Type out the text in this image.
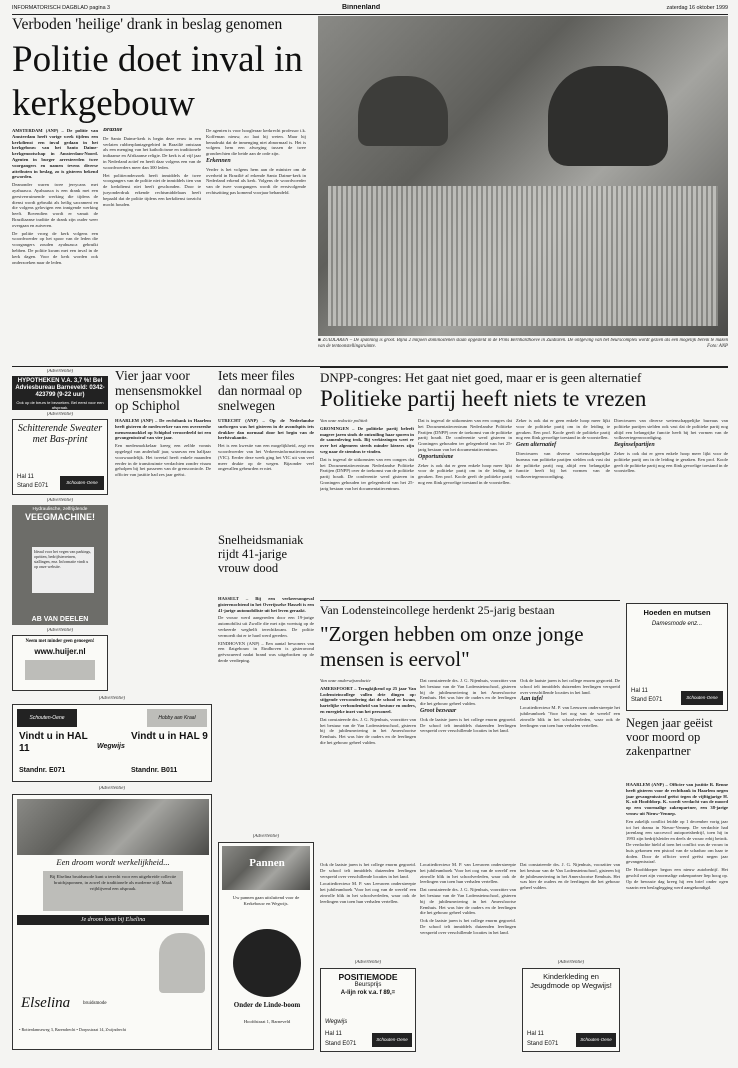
INFORMATORISCH DAGBLAD pagina 3	Binnenland	zaterdag 16 oktober 1999
Verboden 'heilige' drank in beslag genomen
Politie doet inval in kerkgebouw

AMSTERDAM (ANP) – De politie van Amsterdam heeft vorige week tijdens een kerkdienst een inval gedaan in het kerkgebouw van het Santo Daime-kerkgenootschap in Amsterdam-Noord. Agenten in burger arresteerden twee voorgangers en namen tevens diverse attributen in beslag, zo is gisteren bekend geworden.

Deanonder waren twee jerrycans met ayahuasca. Ayahuasca is een drank met een geestverruimende werking die tijdens de dienst wordt gebruikt als heilig sacrament en die volgens gelovigen een innigende werking heeft. Bovendien wordt er vanuit de Braziliaanse traditie de drank zijn ouder weer overgaan en zuiveren.

De politie vroeg de kerk volgens een woordvoerder op het spoor van de leden die voorgangers zouden ayahuasca gebruikt hebben. De politie kwam met een inval in de kerk dagen. Voor de kerk worden ook onderzoeken naar de leden.

Brazilië

De Santo Daime-kerk is begin deze eeuw in een verlaten rubberplantagegebied in Brazilië ontstaan als een menging van het katholicisme en traditionele indiaanse en Afrikaanse religie. De kerk is al vijf jaar in Nederland actief en heeft daar volgens een van de woordvoerders meer dan 300 leden.

Het politieonderzoek heeft inmiddels de twee voorgangers van de politie niet de inmiddels tien van de kerkdienst niet heeft geschonden. Door te juryonderdruk erkende rechtsmiddelaars heeft bepaald dat de politie tijdens een kerkdienst toezicht mocht houden.

De agenten is voor hoogleraar kerkrecht professor i.k. Koffeman nieuw, zo laat hij weten. Maar hij benadrukt dat de inmenging niet abnormaal is. Het is volgens hem een afweging tussen de twee grondrechten die beide aan de orde zijn.

Erkennen

Verder is het volgens hem aan de minister om de overheid in Brazilië af erkende Santo Daime-kerk in Nederland erkend als kerk. Volgens de woordvoerder van de twee voorgangers wordt de eerstvolgende rechtszitting pas komend voorjaar behandeld.

■ ZUIDLAREN – De spanning is groot. Bijna 2 miljoen dominostenen staan opgesteld in de Prins Bernhardhoeve in Zuidlaren. De ontgeving van het beurscomplex wordt gezien als een mogelijk bereik te maken van de tentoonstellingsruimte.	Foto: ANP
(Advertentie)
HYPOTHEKEN V.A. 3,7 %! Bel Adviesbureau Barneveld: 0342-423799 (9-22 uur)
Ook op de beurs te bezoeken. Bel eerst voor een afspraak.
(Advertentie)
Schitterende Sweater met Bas-print
Hal 11
Stand E071
Schouten-Oene
(Advertentie)
Hydraulische, zelfrijdende
VEEGMACHINE!
Ideaal voor het vegen van parkings, opritten, bedrijfsterreinen, stallingen, enz. Informatie vindt u op onze website.
AB VAN DEELEN
(Advertentie)
Neem met minder geen genoegen!
www.huijer.nl
Vier jaar voor mensensmokkel op Schiphol

HAARLEM (ANP) – De rechtbank in Haarlem heeft gisteren de medewerker van een overzeeshe mensensmokkel op Schiphol veroordeeld tot een gevangenisstraf van vier jaar.

Een medesmokkelaar kreeg een zelfde vonnis opgelegd van anderhalf jaar, waarvan een halfjaar voorwaardelijk. Het tweetal heeft enkele maanden eerder in de transitruimte verdachten zonder visum geholpen bij het passeren van de grenscontrole. De officier van justitie had zes jaar geëist.

Iets meer files dan normaal op snelwegen

UTRECHT (ANP) – Op de Nederlandse snelwegen was het gisteren in de avondspits iets drukker dan normaal door het begin van de herfstvakantie.

Het is een kwestie van een mogelijkheid, zegt een woordvoerder van het Verkeersinformatiecentrum (VIC). Eerder deze week ging het VIC uit van veel meer drukte op de wegen. Bijzonder veel ongevallen gebeurden er niet.

Snelheidsmaniak rijdt 41-jarige vrouw dood

HASSELT – Bij een verkeersongeval gisterenochtend in het Overijsselse Hasselt is een 41-jarige automobiliste uit het leven geraakt.

De vrouw werd aangereden door een 19-jarige automobilist uit Zwolle die met zijn voertuig op de verkeerde weghelft terechtkwam. De politie vermoedt dat er te hard werd gereden.

EINDHOVEN (ANP) – Een aantal bewoners van een flatgebouw in Eindhoven is gisteravond geëvacueerd nadat brand was uitgebroken op de derde verdieping.

DNPP-congres: Het gaat niet goed, maar er is geen alternatief
Politieke partij heeft niets te vrezen

Van onze redactie politiek

GRONINGEN – De politieke partij beleeft magere jaren sinds de ontzuiling haar sporen in de samenleving trok. Bij verkiezingen weet er over het algemeen steeds minder kiezers zijn weg naar de stembus te vinden.

Dat is ingeval de uitkomsten van een congres dat het Documentatiecentrum Nederlandse Politieke Partijen (DNPP) over de toekomst van de politieke partij houdt. De conferentie werd gisteren in Groningen gehouden ter gelegenheid van het 25-jarig bestaan van het documentatiecentrum.

Dat is ingeval de uitkomsten van een congres dat het Documentatiecentrum Nederlandse Politieke Partijen (DNPP) over de toekomst van de politieke partij houdt. De conferentie werd gisteren in Groningen gehouden ter gelegenheid van het 25-jarig bestaan van het documentatiecentrum.

Opportunisme

Zeker is ook dat er geen enkele hoop meer lijkt voor de politieke partij om in de leiding te geraken. Een prof. Koole geeft de politieke partij nog een flink gevoelige toestand in de voorstellen.

Zeker is ook dat er geen enkele hoop meer lijkt voor de politieke partij om in de leiding te geraken. Een prof. Koole geeft de politieke partij nog een flink gevoelige toestand in de voorstellen.

Geen alternatief

Directeuren van diverse wetenschappelijke bureaus van politieke partijen stelden ook vast dat de politieke partij nog altijd een belangrijke functie heeft bij het vormen van de volksvertegenwoordiging.

Directeuren van diverse wetenschappelijke bureaus van politieke partijen stelden ook vast dat de politieke partij nog altijd een belangrijke functie heeft bij het vormen van de volksvertegenwoordiging.

Beginselpartijen

Zeker is ook dat er geen enkele hoop meer lijkt voor de politieke partij om in de leiding te geraken. Een prof. Koole geeft de politieke partij nog een flink gevoelige toestand in de voorstellen.

Van Lodensteincollege herdenkt 25-jarig bestaan
"Zorgen hebben om onze jonge mensen is eervol"

Van onze onderwijsredactie

AMERSFOORT – Terugkijkend op 25 jaar Van Lodensteincollege vallen drie dingen op: stijgende verwondering dat de school er kwam, hartelijke verbondenheid van bestuur en ouders, en energieke inzet van het personeel.

Dat constateerde drs. J. G. Nijenhuis, voorzitter van het bestuur van de Van Lodensteinschool, gisteren bij de jubileumviering in het Amersfoortse Eemhuis. Het was hier de ouders en de leerlingen die het gebouw geheel vulden.

Dat constateerde drs. J. G. Nijenhuis, voorzitter van het bestuur van de Van Lodensteinschool, gisteren bij de jubileumviering in het Amersfoortse Eemhuis. Het was hier de ouders en de leerlingen die het gebouw geheel vulden.

Groot bezwaar

Ook de laatste jaren is het college enorm gegroeid. De school telt inmiddels duizenden leerlingen verspreid over verschillende locaties in het land.

Ook de laatste jaren is het college enorm gegroeid. De school telt inmiddels duizenden leerlingen verspreid over verschillende locaties in het land.

Aan tafel

Locatiedirecteur M. P. van Leeuwen onderstreepte het jubileumboek 'Voor het oog van de wereld' een zinvolle blik in het schoolverleden, waar ook de leerlingen van toen hun verhalen vertellen.

Hoeden en mutsen
Damesmode enz...
Hal 11
Stand E071	Schouten-Oene
Negen jaar geëist voor moord op zakenpartner

HAARLEM (ANP) – Officier van justitie R. Benne heeft gisteren voor de rechtbank in Haarlem negen jaar gevangenisstraf geëist tegen de vijftigjarige H. K. uit Hoofddorp. K. wordt verdacht van de moord op een voormalige zakenpartner, een 38-jarige vrouw uit Nieuw-Vennep.

Een zakelijk conflict leidde op 1 december vorig jaar tot het drama in Nieuw-Vennep. De verdachte had jarenlang een succesvol autopoetsbedrijf, toen hij in 1993 zijn bedrijfsleider en deels de vrouw erbij betrok. De verdachte hield al toen het conflict was de vrouw in huis gekomen een pistool van de schaduw om haar te doden. Door de officier werd geëist negen jaar gevangenisstraf.

De Hoofddorper begon een nieuw autobedrijf. Het geschil met zijn voormalige zakenpartner liep hoog op. Op de bewuste dag kreeg hij een brief onder ogen waarin een beslaglegging werd aangekondigd.

(Advertentie)
Schouten-Oene	Hobby aan Kraal
Vindt u in HAL 11
Standnr. E071
Wegwijs
Vindt u in HAL 9
Standnr. B011
(Advertentie)
Een droom wordt werkelijkheid...
Bij Elselina bruidsmode kunt u terecht voor een uitgebreide collectie bruidsjaponnen, in zowel de traditionele als moderne stijl. Maak vrijblijvend een afspraak.
Je droom komt bij Elselina
Elselina	bruidsmode
• Rotterdamseweg 3, Barendrecht • Dorpsstraat 14, Zwijndrecht
(Advertentie)
Pannen
Uw pannen gaan uitsluitend voor de Kerkebouw en Wegwijs.
Onder de Linde-boom
Hoofdstraat 1, Barneveld
(Advertentie)
POSITIEMODE
Beursprijs
A-lijn rok v.a. f 89,=
Wegwijs
Hal 11
Stand E071
Schouten-Oene
(Advertentie)
Kinderkleding en Jeugdmode op Wegwijs!
Hal 11
Stand E071
Schouten-Oene

Locatiedirecteur M. P. van Leeuwen onderstreepte het jubileumboek 'Voor het oog van de wereld' een zinvolle blik in het schoolverleden, waar ook de leerlingen van toen hun verhalen vertellen.

Dat constateerde drs. J. G. Nijenhuis, voorzitter van het bestuur van de Van Lodensteinschool, gisteren bij de jubileumviering in het Amersfoortse Eemhuis. Het was hier de ouders en de leerlingen die het gebouw geheel vulden.

Ook de laatste jaren is het college enorm gegroeid. De school telt inmiddels duizenden leerlingen verspreid over verschillende locaties in het land.

Ook de laatste jaren is het college enorm gegroeid. De school telt inmiddels duizenden leerlingen verspreid over verschillende locaties in het land.

Locatiedirecteur M. P. van Leeuwen onderstreepte het jubileumboek 'Voor het oog van de wereld' een zinvolle blik in het schoolverleden, waar ook de leerlingen van toen hun verhalen vertellen.

Dat constateerde drs. J. G. Nijenhuis, voorzitter van het bestuur van de Van Lodensteinschool, gisteren bij de jubileumviering in het Amersfoortse Eemhuis. Het was hier de ouders en de leerlingen die het gebouw geheel vulden.
